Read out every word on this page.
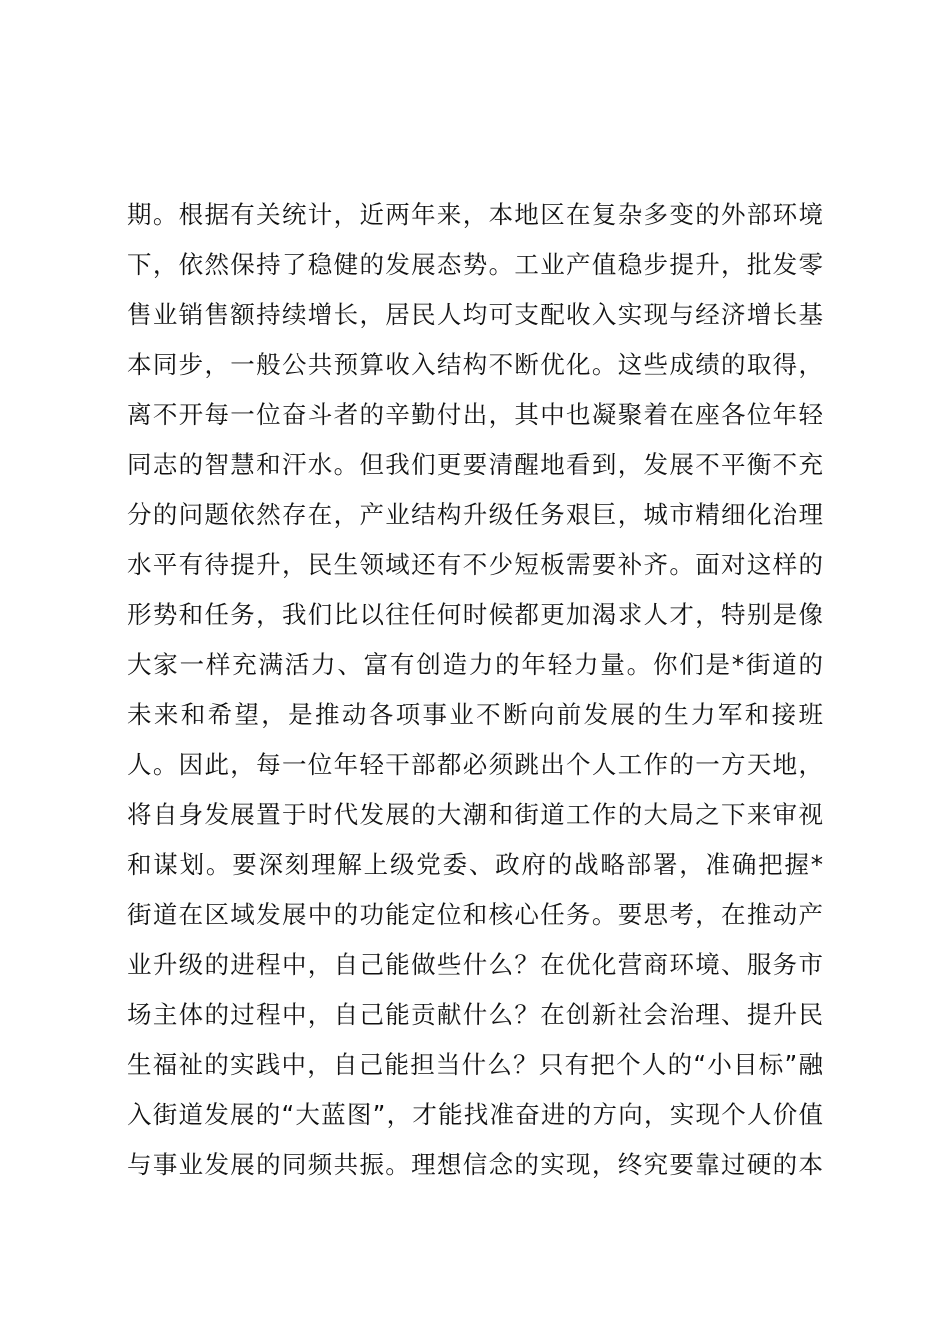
期。根据有关统计，近两年来，本地区在复杂多变的外部环境
下，依然保持了稳健的发展态势。工业产值稳步提升，批发零
售业销售额持续增长，居民人均可支配收入实现与经济增长基
本同步，一般公共预算收入结构不断优化。这些成绩的取得，
离不开每一位奋斗者的辛勤付出，其中也凝聚着在座各位年轻
同志的智慧和汗水。但我们更要清醒地看到，发展不平衡不充
分的问题依然存在，产业结构升级任务艰巨，城市精细化治理
水平有待提升，民生领域还有不少短板需要补齐。面对这样的
形势和任务，我们比以往任何时候都更加渴求人才，特别是像
大家一样充满活力、富有创造力的年轻力量。你们是*街道的
未来和希望，是推动各项事业不断向前发展的生力军和接班
人。因此，每一位年轻干部都必须跳出个人工作的一方天地，
将自身发展置于时代发展的大潮和街道工作的大局之下来审视
和谋划。要深刻理解上级党委、政府的战略部署，准确把握*
街道在区域发展中的功能定位和核心任务。要思考，在推动产
业升级的进程中，自己能做些什么？在优化营商环境、服务市
场主体的过程中，自己能贡献什么？在创新社会治理、提升民
生福祉的实践中，自己能担当什么？只有把个人的“小目标”融
入街道发展的“大蓝图”，才能找准奋进的方向，实现个人价值
与事业发展的同频共振。理想信念的实现，终究要靠过硬的本
